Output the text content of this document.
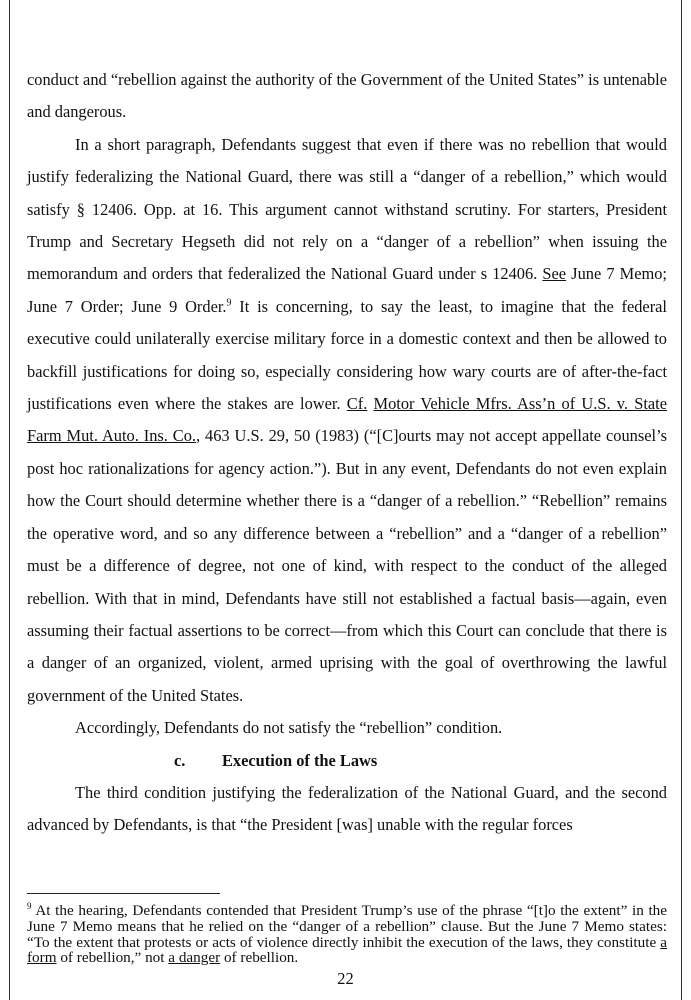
conduct and “rebellion against the authority of the Government of the United States” is untenable and dangerous.

In a short paragraph, Defendants suggest that even if there was no rebellion that would justify federalizing the National Guard, there was still a “danger of a rebellion,” which would satisfy § 12406. Opp. at 16. This argument cannot withstand scrutiny. For starters, President Trump and Secretary Hegseth did not rely on a “danger of a rebellion” when issuing the memorandum and orders that federalized the National Guard under s 12406. See June 7 Memo; June 7 Order; June 9 Order.$^9$ It is concerning, to say the least, to imagine that the federal executive could unilaterally exercise military force in a domestic context and then be allowed to backfill justifications for doing so, especially considering how wary courts are of after-the-fact justifications even where the stakes are lower. Cf. Motor Vehicle Mfrs. Ass’n of U.S. v. State Farm Mut. Auto. Ins. Co., 463 U.S. 29, 50 (1983) (“[C]ourts may not accept appellate counsel’s post hoc rationalizations for agency action.”). But in any event, Defendants do not even explain how the Court should determine whether there is a “danger of a rebellion.” “Rebellion” remains the operative word, and so any difference between a “rebellion” and a “danger of a rebellion” must be a difference of degree, not one of kind, with respect to the conduct of the alleged rebellion. With that in mind, Defendants have still not established a factual basis—again, even assuming their factual assertions to be correct—from which this Court can conclude that there is a danger of an organized, violent, armed uprising with the goal of overthrowing the lawful government of the United States.

Accordingly, Defendants do not satisfy the “rebellion” condition.

c. Execution of the Laws

The third condition justifying the federalization of the National Guard, and the second advanced by Defendants, is that “the President [was] unable with the regular forces

$^9$ At the hearing, Defendants contended that President Trump’s use of the phrase “[t]o the extent” in the June 7 Memo means that he relied on the “danger of a rebellion” clause. But the June 7 Memo states: “To the extent that protests or acts of violence directly inhibit the execution of the laws, they constitute a form of rebellion,” not a danger of rebellion.
22
